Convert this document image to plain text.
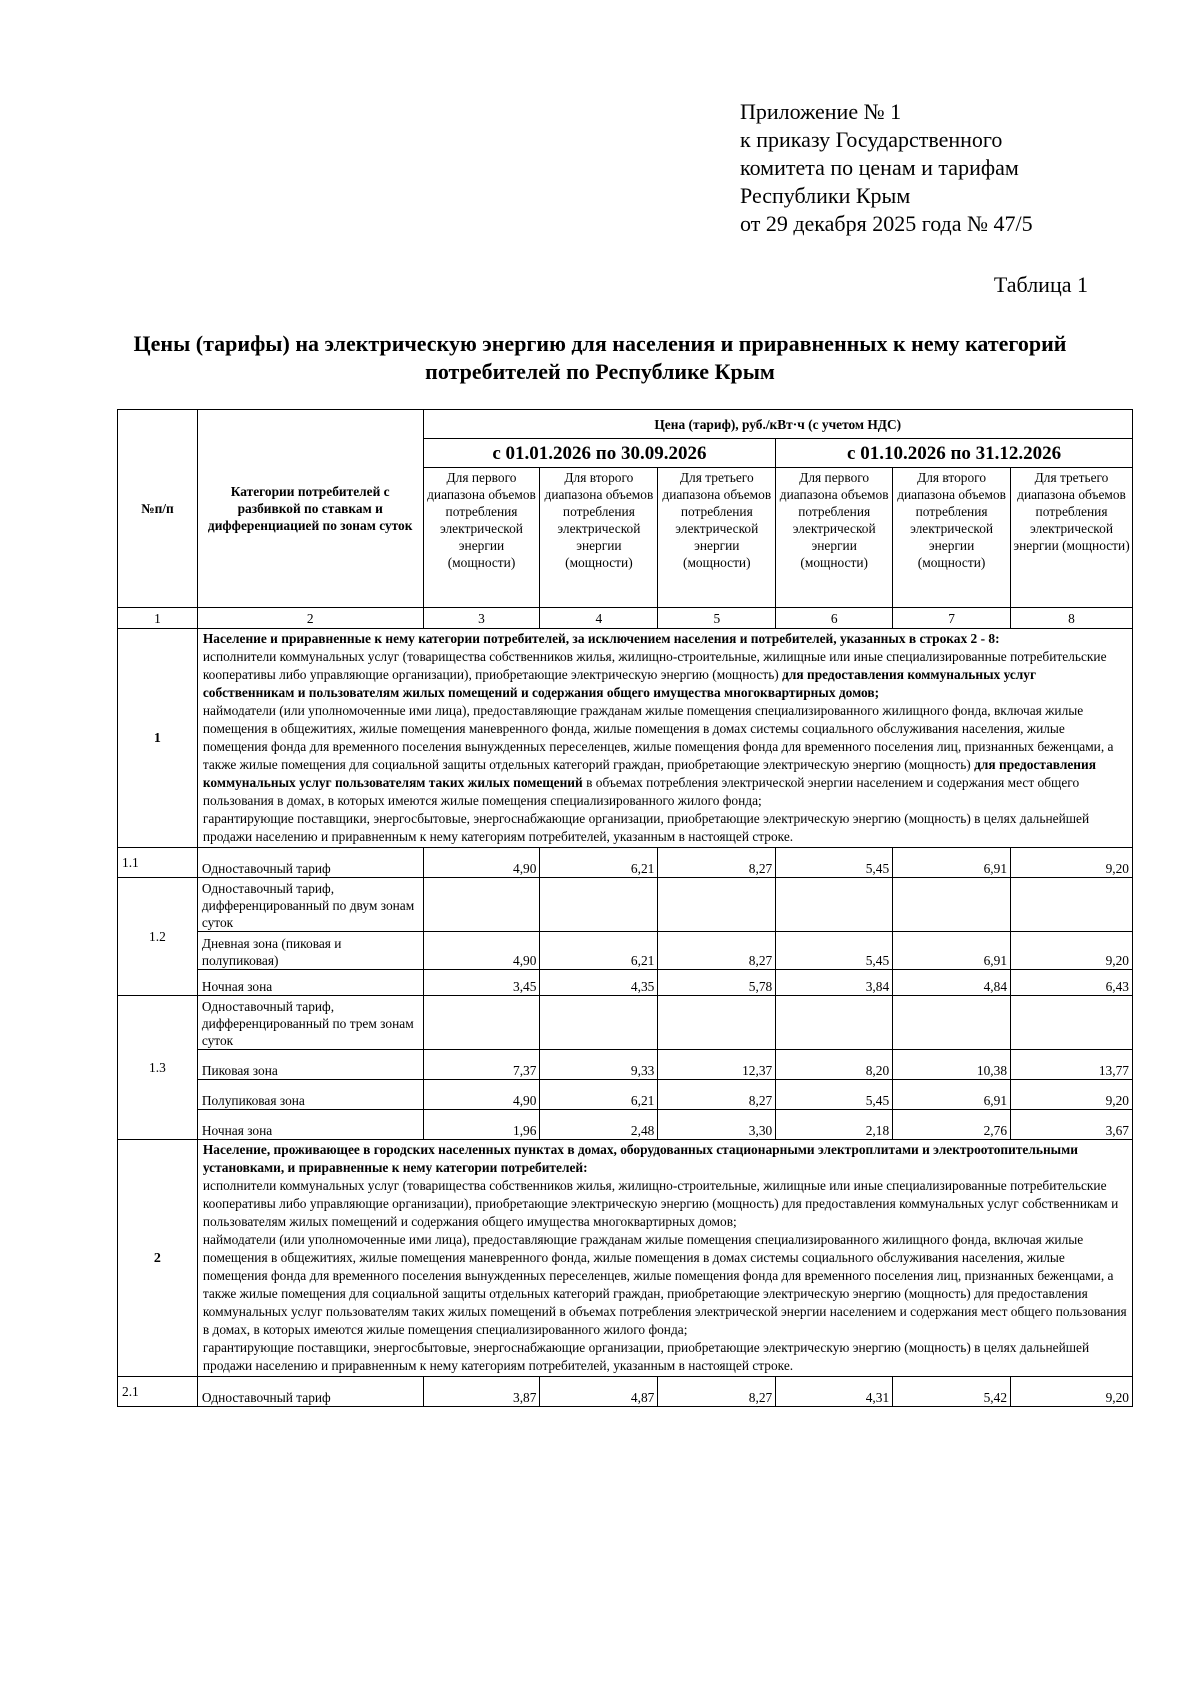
Приложение № 1
к приказу Государственного
комитета по ценам и тарифам
Республики Крым
от 29 декабря 2025 года № 47/5
Таблица 1
Цены (тарифы) на электрическую энергию для населения и приравненных к нему категорий потребителей по Республике Крым
№п/п	Категории потребителей с разбивкой по ставкам и дифференциацией по зонам суток	Цена (тариф), руб./кВт·ч (с учетом НДС)					
		с 01.01.2026 по 30.09.2026			с 01.10.2026 по 31.12.2026		
		Для первого диапазона объемов потребления электрической энергии (мощности)	Для второго диапазона объемов потребления электрической энергии (мощности)	Для третьего диапазона объемов потребления электрической энергии (мощности)	Для первого диапазона объемов потребления электрической энергии (мощности)	Для второго диапазона объемов потребления электрической энергии (мощности)	Для третьего диапазона объемов потребления электрической энергии (мощности)
1	2	3	4	5	6	7	8
1	Население и приравненные к нему категории потребителей, за исключением населения и потребителей, указанных в строках 2 - 8:

исполнители коммунальных услуг (товарищества собственников жилья, жилищно-строительные, жилищные или иные специализированные потребительские кооперативы либо управляющие организации), приобретающие электрическую энергию (мощность) для предоставления коммунальных услуг собственникам и пользователям жилых помещений и содержания общего имущества многоквартирных домов;

наймодатели (или уполномоченные ими лица), предоставляющие гражданам жилые помещения специализированного жилищного фонда, включая жилые помещения в общежитиях, жилые помещения маневренного фонда, жилые помещения в домах системы социального обслуживания населения, жилые помещения фонда для временного поселения вынужденных переселенцев, жилые помещения фонда для временного поселения лиц, признанных беженцами, а также жилые помещения для социальной защиты отдельных категорий граждан, приобретающие электрическую энергию (мощность) для предоставления коммунальных услуг пользователям таких жилых помещений в объемах потребления электрической энергии населением и содержания мест общего пользования в домах, в которых имеются жилые помещения специализированного жилого фонда;

гарантирующие поставщики, энергосбытовые, энергоснабжающие организации, приобретающие электрическую энергию (мощность) в целях дальнейшей продажи населению и приравненным к нему категориям потребителей, указанным в настоящей строке.						

1.1	Одноставочный тариф	4,90	6,21	8,27	5,45	6,91	9,20
1.2	Одноставочный тариф, дифференцированный по двум зонам суток						
	Дневная зона (пиковая и полупиковая)	4,90	6,21	8,27	5,45	6,91	9,20
	Ночная зона	3,45	4,35	5,78	3,84	4,84	6,43
1.3	Одноставочный тариф, дифференцированный по трем зонам суток						
	Пиковая зона	7,37	9,33	12,37	8,20	10,38	13,77
	Полупиковая зона	4,90	6,21	8,27	5,45	6,91	9,20
	Ночная зона	1,96	2,48	3,30	2,18	2,76	3,67
2	Население, проживающее в городских населенных пунктах в домах, оборудованных стационарными электроплитами и электроотопительными установками, и приравненные к нему категории потребителей:

исполнители коммунальных услуг (товарищества собственников жилья, жилищно-строительные, жилищные или иные специализированные потребительские кооперативы либо управляющие организации), приобретающие электрическую энергию (мощность) для предоставления коммунальных услуг собственникам и пользователям жилых помещений и содержания общего имущества многоквартирных домов;

наймодатели (или уполномоченные ими лица), предоставляющие гражданам жилые помещения специализированного жилищного фонда, включая жилые помещения в общежитиях, жилые помещения маневренного фонда, жилые помещения в домах системы социального обслуживания населения, жилые помещения фонда для временного поселения вынужденных переселенцев, жилые помещения фонда для временного поселения лиц, признанных беженцами, а также жилые помещения для социальной защиты отдельных категорий граждан, приобретающие электрическую энергию (мощность) для предоставления коммунальных услуг пользователям таких жилых помещений в объемах потребления электрической энергии населением и содержания мест общего пользования в домах, в которых имеются жилые помещения специализированного жилого фонда;

гарантирующие поставщики, энергосбытовые, энергоснабжающие организации, приобретающие электрическую энергию (мощность) в целях дальнейшей продажи населению и приравненным к нему категориям потребителей, указанным в настоящей строке.						

2.1	Одноставочный тариф	3,87	4,87	8,27	4,31	5,42	9,20
